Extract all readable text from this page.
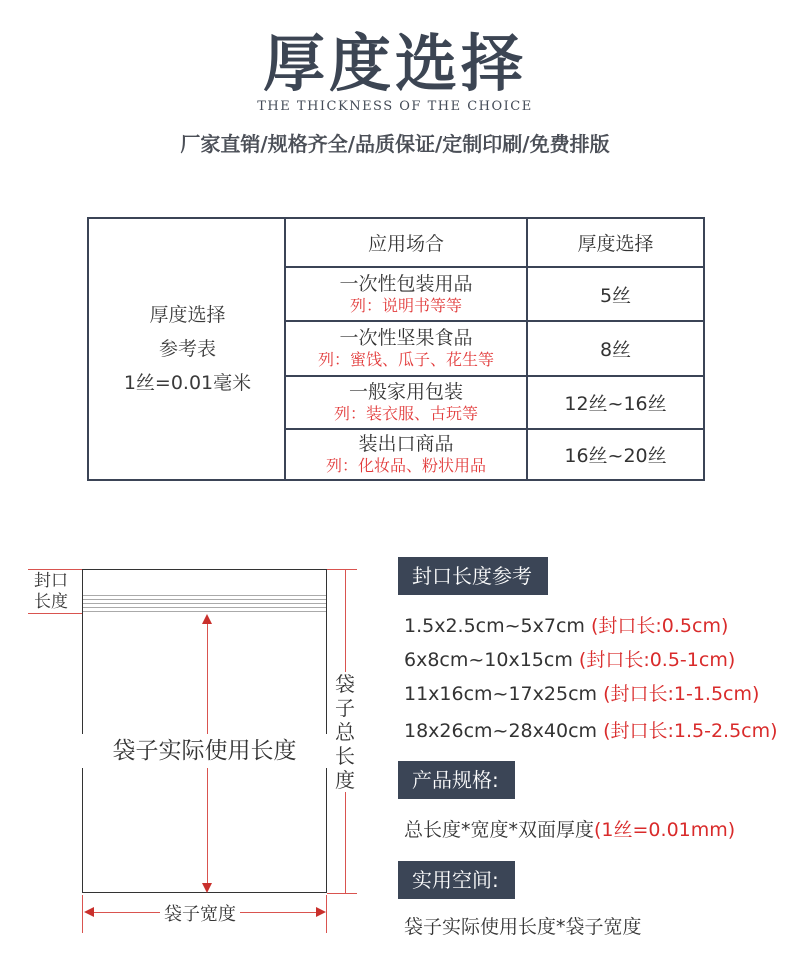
厚度选择
THE THICKNESS OF THE CHOICE
厂家直销/规格齐全/品质保证/定制印刷/免费排版
厚度选择
参考表
1丝=0.01毫米
应用场合	厚度选择
一次性包装用品
列：说明书等等	5丝
一次性坚果食品
列：蜜饯、瓜子、花生等	8丝
一般家用包装
列：装衣服、古玩等	12丝~16丝
装出口商品
列：化妆品、粉状用品	16丝~20丝
封口
长度
袋子实际使用长度
袋
子
总
长
度
袋子宽度
封口长度参考
1.5x2.5cm~5x7cm (封口长:0.5cm)
6x8cm~10x15cm (封口长:0.5-1cm)
11x16cm~17x25cm (封口长:1-1.5cm)
18x26cm~28x40cm (封口长:1.5-2.5cm)
产品规格:
总长度*宽度*双面厚度(1丝=0.01mm)
实用空间:
袋子实际使用长度*袋子宽度
